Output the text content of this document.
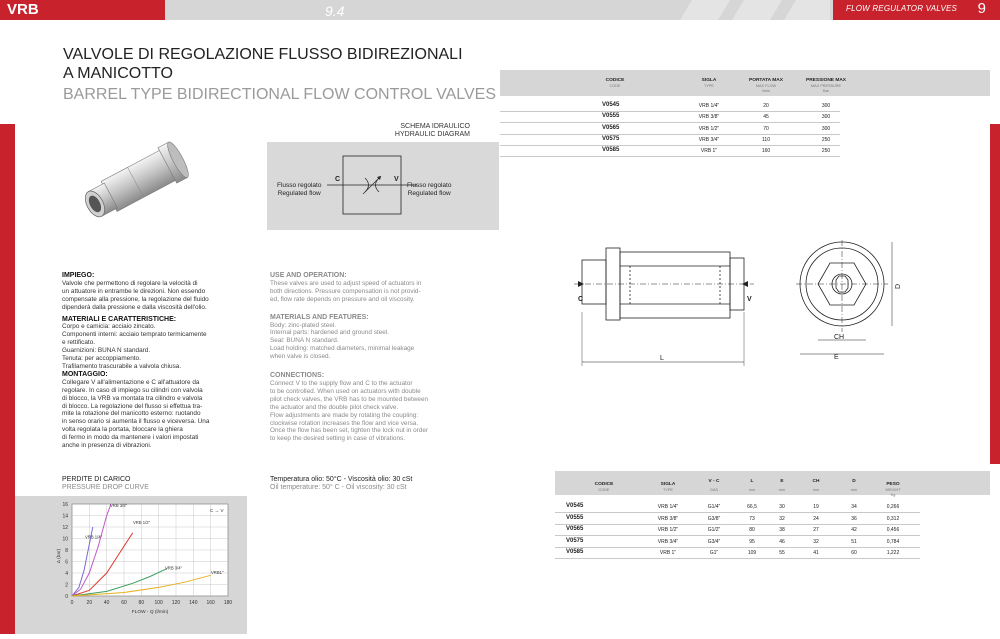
VRB	9.4	FLOW REGULATOR VALVES 9
VALVOLE DI REGOLAZIONE FLUSSO BIDIREZIONALI
A MANICOTTO
BARREL TYPE BIDIRECTIONAL FLOW CONTROL VALVES
SCHEMA IDRAULICO
HYDRAULIC DIAGRAM
C	V
Flusso regolato
Regulated flow
Flusso regolato
Regulated flow
IMPIEGO:
Valvole che permettono di regolare la velocità di
un attuatore in entrambe le direzioni. Non essendo
compensate alla pressione, la regolazione del fluido
dipenderà dalla pressione e dalla viscosità dell'olio.
MATERIALI E CARATTERISTICHE:
Corpo e camicia: acciaio zincato.
Componenti interni: acciaio temprato termicamente
e rettificato.
Guarnizioni: BUNA N standard.
Tenuta: per accoppiamento.
Trafilamento trascurabile a valvola chiusa.
MONTAGGIO:
Collegare V all'alimentazione e C all'attuatore da
regolare. In caso di impiego su cilindri con valvola
di blocco, la VRB va montata tra cilindro e valvola
di blocco. La regolazione del flusso si effettua tra-
mite la rotazione del manicotto esterno: ruotando
in senso orario si aumenta il flusso e viceversa. Una
volta regolata la portata, bloccare la ghiera
di fermo in modo da mantenere i valori impostati
anche in presenza di vibrazioni.
USE AND OPERATION:
These valves are used to adjust speed of actuators in
both directions. Pressure compensation is not provid-
ed, flow rate depends on pressure and oil viscosity.
MATERIALS AND FEATURES:
Body: zinc-plated steel.
Internal parts: hardened and ground steel.
Seal: BUNA N standard.
Load holding: matched diameters, minimal leakage
when valve is closed.
CONNECTIONS:
Connect V to the supply flow and C to the actuator
to be controlled. When used on actuators with double
pilot check valves, the VRB has to be mounted between
the actuator and the double pilot check valve.
Flow adjustments are made by rotating the coupling:
clockwise rotation increases the flow and vice versa.
Once the flow has been set, tighten the lock nut in order
to keep the desired setting in case of vibrations.
Temperatura olio: 50°C - Viscosità olio: 30 cSt
Oil temperature: 50° C - Oil viscosity: 30 cSt
CODICE
CODE
SIGLA
TYPE
PORTATA MAX
MAX FLOW
l/min
PRESSIONE MAX
MAX PRESSURE
Bar
V0545	VRB 1/4"	20	300
V0555	VRB 3/8"	45	300
V0565	VRB 1/2"	70	300
V0575	VRB 3/4"	110	250
V0585	VRB 1"	160	250
C	V
L
CH
E
D
CODICE
CODE
SIGLA
TYPE
V - C
GAS
L
mm
E
mm
CH
mm
D
mm
PESO
WEIGHT
Kg
V0545	VRB 1/4"	G1/4"	66,5	30	19	34	0,266
V0555	VRB 3/8"	G3/8"	73	32	24	36	0,312
V0565	VRB 1/2"	G1/2"	80	38	27	42	0,456
V0575	VRB 3/4"	G3/4"	95	46	32	51	0,784
V0585	VRB 1"	G1"	109	55	41	60	1,222
PERDITE DI CARICO
PRESSURE DROP CURVE
0
2
4
6
8
10
12
14
16
0	20 40 60 80 100 120 140 160 180
FLOW - Q (l/min)
Δ (bar)
C → V
VRB 3/8"
VRB 1/4"
VRB 1/2"
VRB 3/4"
VRB1"
